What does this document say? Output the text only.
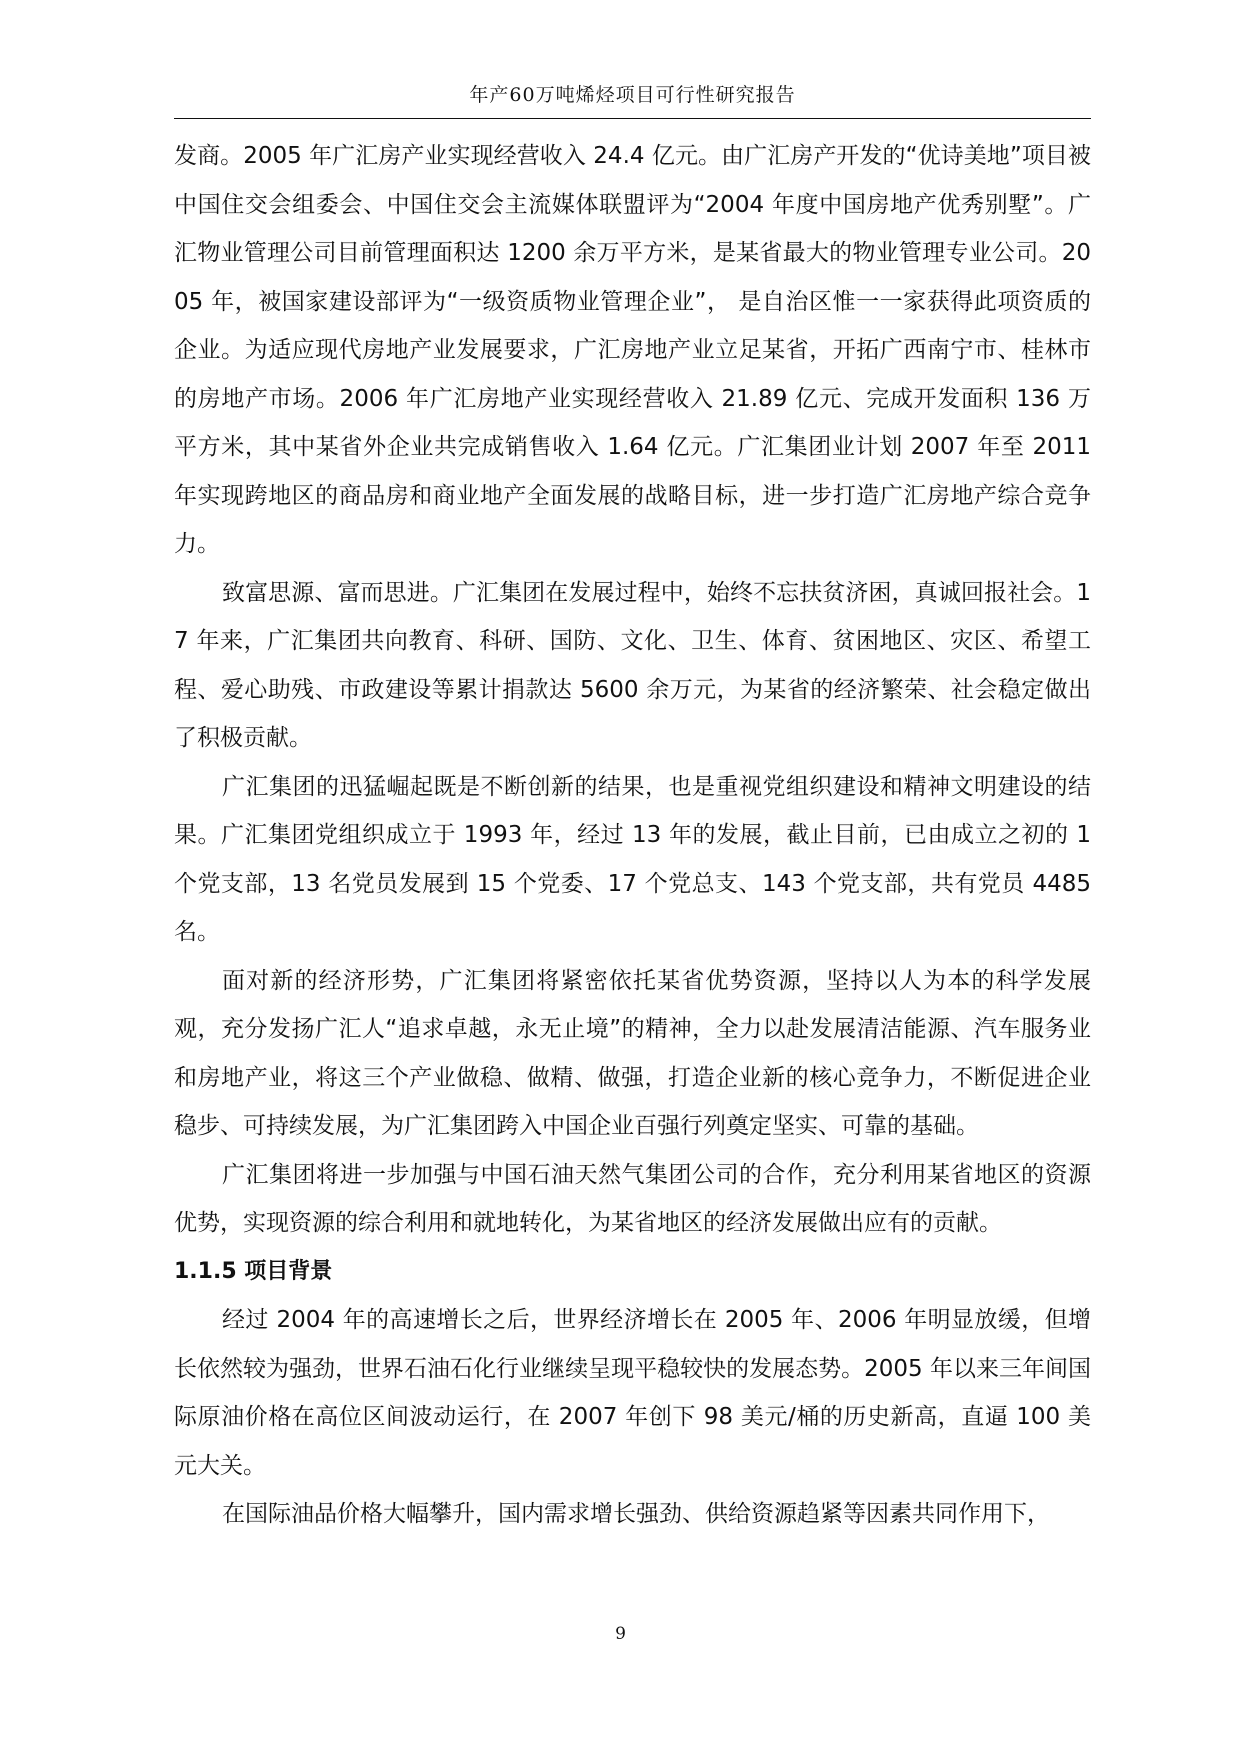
年产60万吨烯烃项目可行性研究报告

发商。2005 年广汇房产业实现经营收入 24.4 亿元。由广汇房产开发的“优诗美地”项目被中国住交会组委会、中国住交会主流媒体联盟评为“2004 年度中国房地产优秀别墅”。广汇物业管理公司目前管理面积达 1200 余万平方米，是某省最大的物业管理专业公司。2005 年，被国家建设部评为“一级资质物业管理企业”， 是自治区惟一一家获得此项资质的企业。为适应现代房地产业发展要求，广汇房地产业立足某省，开拓广西南宁市、桂林市的房地产市场。2006 年广汇房地产业实现经营收入 21.89 亿元、完成开发面积 136 万平方米，其中某省外企业共完成销售收入 1.64 亿元。广汇集团业计划 2007 年至 2011 年实现跨地区的商品房和商业地产全面发展的战略目标，进一步打造广汇房地产综合竞争力。

致富思源、富而思进。广汇集团在发展过程中，始终不忘扶贫济困，真诚回报社会。17 年来，广汇集团共向教育、科研、国防、文化、卫生、体育、贫困地区、灾区、希望工程、爱心助残、市政建设等累计捐款达 5600 余万元，为某省的经济繁荣、社会稳定做出了积极贡献。

广汇集团的迅猛崛起既是不断创新的结果，也是重视党组织建设和精神文明建设的结果。广汇集团党组织成立于 1993 年，经过 13 年的发展，截止目前，已由成立之初的 1 个党支部，13 名党员发展到 15 个党委、17 个党总支、143 个党支部，共有党员 4485 名。

面对新的经济形势，广汇集团将紧密依托某省优势资源，坚持以人为本的科学发展观，充分发扬广汇人“追求卓越，永无止境”的精神，全力以赴发展清洁能源、汽车服务业和房地产业，将这三个产业做稳、做精、做强，打造企业新的核心竞争力，不断促进企业稳步、可持续发展，为广汇集团跨入中国企业百强行列奠定坚实、可靠的基础。

广汇集团将进一步加强与中国石油天然气集团公司的合作，充分利用某省地区的资源优势，实现资源的综合利用和就地转化，为某省地区的经济发展做出应有的贡献。

1.1.5 项目背景

经过 2004 年的高速增长之后，世界经济增长在 2005 年、2006 年明显放缓，但增长依然较为强劲，世界石油石化行业继续呈现平稳较快的发展态势。2005 年以来三年间国际原油价格在高位区间波动运行，在 2007 年创下 98 美元/桶的历史新高，直逼 100 美元大关。

在国际油品价格大幅攀升，国内需求增长强劲、供给资源趋紧等因素共同作用下，

9
